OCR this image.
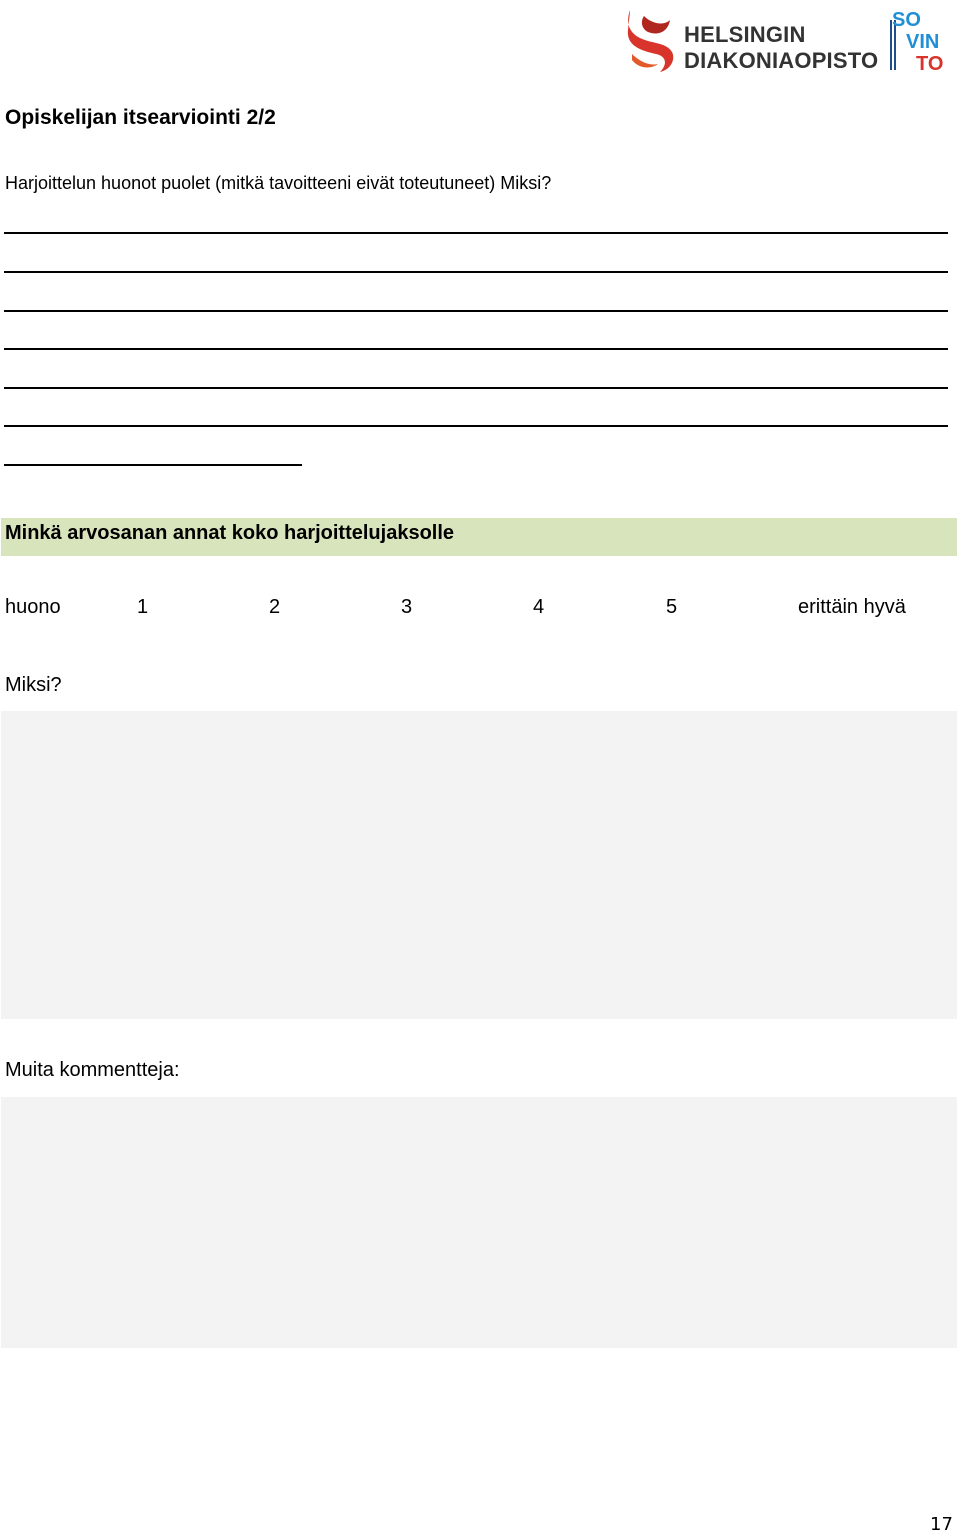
HELSINGIN
DIAKONIAOPISTO
SO
VIN
TO
Opiskelijan itsearviointi 2/2
Harjoittelun huonot puolet (mitkä tavoitteeni eivät toteutuneet) Miksi?
Minkä arvosanan annat koko harjoittelujaksolle
huono	1	2	3	4	5	erittäin hyvä
Miksi?
Muita kommentteja:
17
